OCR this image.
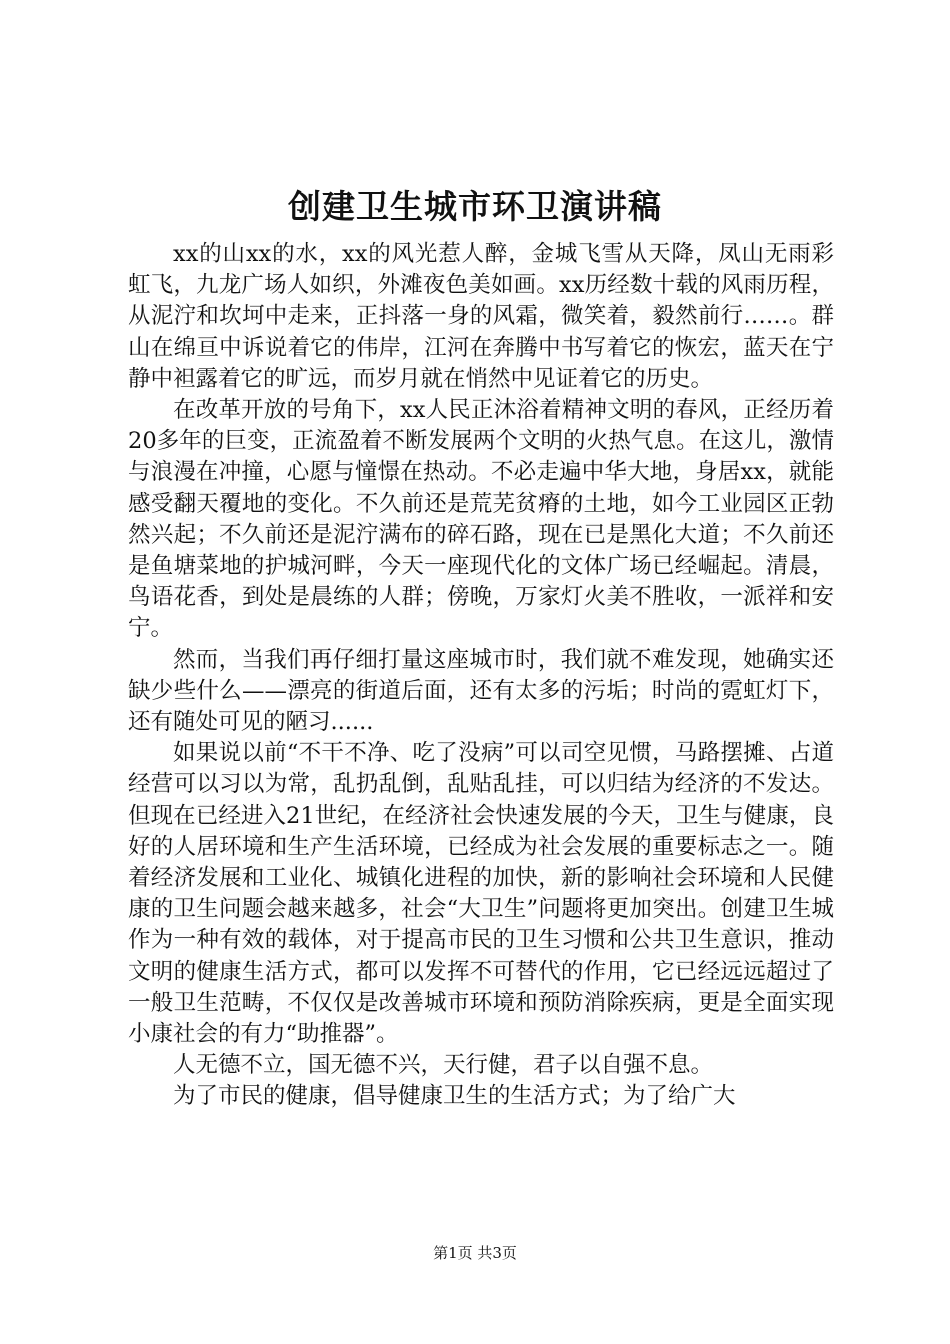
创建卫生城市环卫演讲稿

xx的山xx的水，xx的风光惹人醉，金城飞雪从天降，凤山无雨彩虹飞，九龙广场人如织，外滩夜色美如画。xx历经数十载的风雨历程，从泥泞和坎坷中走来，正抖落一身的风霜，微笑着，毅然前行……。群山在绵亘中诉说着它的伟岸，江河在奔腾中书写着它的恢宏，蓝天在宁静中袒露着它的旷远，而岁月就在悄然中见证着它的历史。

在改革开放的号角下，xx人民正沐浴着精神文明的春风，正经历着20多年的巨变，正流盈着不断发展两个文明的火热气息。在这儿，激情与浪漫在冲撞，心愿与憧憬在热动。不必走遍中华大地，身居xx，就能感受翻天覆地的变化。不久前还是荒芜贫瘠的土地，如今工业园区正勃然兴起；不久前还是泥泞满布的碎石路，现在已是黑化大道；不久前还是鱼塘菜地的护城河畔，今天一座现代化的文体广场已经崛起。清晨，鸟语花香，到处是晨练的人群；傍晚，万家灯火美不胜收，一派祥和安宁。

然而，当我们再仔细打量这座城市时，我们就不难发现，她确实还缺少些什么——漂亮的街道后面，还有太多的污垢；时尚的霓虹灯下，还有随处可见的陋习......

如果说以前“不干不净、吃了没病”可以司空见惯，马路摆摊、占道经营可以习以为常，乱扔乱倒，乱贴乱挂，可以归结为经济的不发达。但现在已经进入21世纪，在经济社会快速发展的今天，卫生与健康，良好的人居环境和生产生活环境，已经成为社会发展的重要标志之一。随着经济发展和工业化、城镇化进程的加快，新的影响社会环境和人民健康的卫生问题会越来越多，社会“大卫生”问题将更加突出。创建卫生城作为一种有效的载体，对于提高市民的卫生习惯和公共卫生意识，推动文明的健康生活方式，都可以发挥不可替代的作用，它已经远远超过了一般卫生范畴，不仅仅是改善城市环境和预防消除疾病，更是全面实现小康社会的有力“助推器”。

人无德不立，国无德不兴，天行健，君子以自强不息。

为了市民的健康，倡导健康卫生的生活方式；为了给广大

第1页 共3页
